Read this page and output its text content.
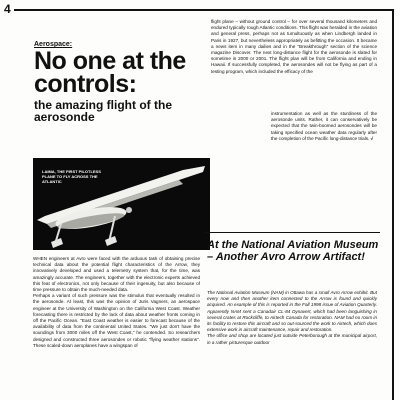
4
Aerospace:
No one at the controls:
the amazing flight of the aerosonde
LAIMA, THE FIRST PILOTLESS PLANE TO FLY ACROSS THE ATLANTIC

WHEN engineers at Avro were faced with the arduous task of obtaining precise technical data about the potential flight characteristics of the Arrow, they innovatively developed and used a telemetry system that, for the time, was amazingly accurate. The engineers, together with the electronic experts achieved this feat of electronics, not only because of their ingenuity, but also because of time pressure to obtain the much-needed data.

Perhaps a variant of such pressure was the stimulus that eventually resulted in the aerosonde. At least, this was the opinion of Juris Vagners, an aerospace engineer at the University of Washington on the California West Coast. Weather forecasting there is restricted by the lack of data about weather fronts coming in off the Pacific Ocean. "East Coast weather is easier to forecast because of the availability of data from the continental United States. "We just don't have the soundings from 3000 miles off the West Coast," he contended. So researchers designed and constructed three aerosondes or robotic "flying weather stations". These scaled-down aeroplanes have a wingspan of

flight plane – without ground control – for over several thousand kilometers and endured typically rough Atlantic conditions. This flight was heralded in the aviation and general press, perhaps not as tumultuously as when Lindbergh landed in Paris in 1927, but nevertheless appropriately as befitting the occasion. It became a news item in many dailies and in the "Breakthrough" section of the science magazine Discover. The next long-distance flight for the aerosonde is slated for sometime in 2000 or 2001. The flight plan will be from California and ending in Hawaii. If successfully completed, the aerosondes will not be flying as part of a testing program, which included the efficacy of the

instrumentation as well as the sturdiness of the aerosonde units. Rather, it can conservatively be expected that the twin-boomed aerosondes will be taking specified ocean weather data regularly after the completion of the Pacific long-distance trials. √

At the National Aviation Museum – Another Avro Arrow Artifact!

The National Aviation Museum (NAM) in Ottawa has a small Avro Arrow exhibit. But every now and then another item connected to the Arrow is found and quickly acquired. An example of this is reported in the Fall 1998 issue of Aviation Quarterly. Apparently NAM sent a Canadair CL-84 Dynavert, which had been languishing in several crates at Rockcliffe, to Airtech Canada for restoration. NAM had no room in its facility to restore this aircraft and so out-sourced the work to Airtech, which does extensive work in aircraft maintenance, repair and restoration.

The office and shop are located just outside Peterborough at the municipal airport, in a rather picturesque outdoor
